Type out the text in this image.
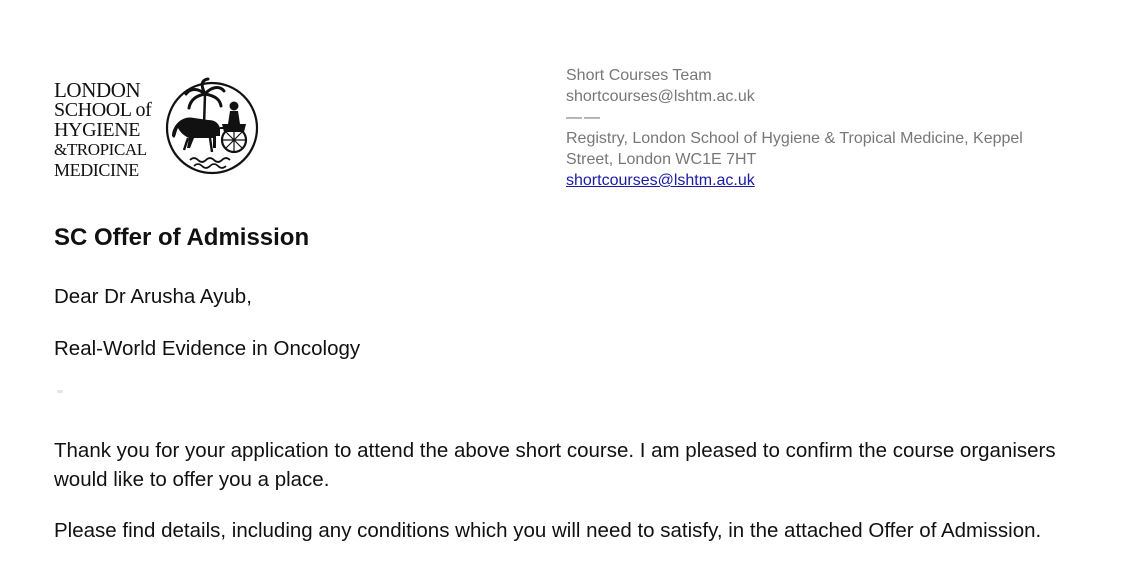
LONDON
SCHOOL of
HYGIENE
&TROPICAL
MEDICINE
Short Courses Team
shortcourses@lshtm.ac.uk
——
Registry, London School of Hygiene & Tropical Medicine, Keppel
Street, London WC1E 7HT
shortcourses@lshtm.ac.uk
SC Offer of Admission

Dear Dr Arusha Ayub,

Real-World Evidence in Oncology

Thank you for your application to attend the above short course. I am pleased to confirm the course organisers would like to offer you a place.

Please find details, including any conditions which you will need to satisfy, in the attached Offer of Admission.
